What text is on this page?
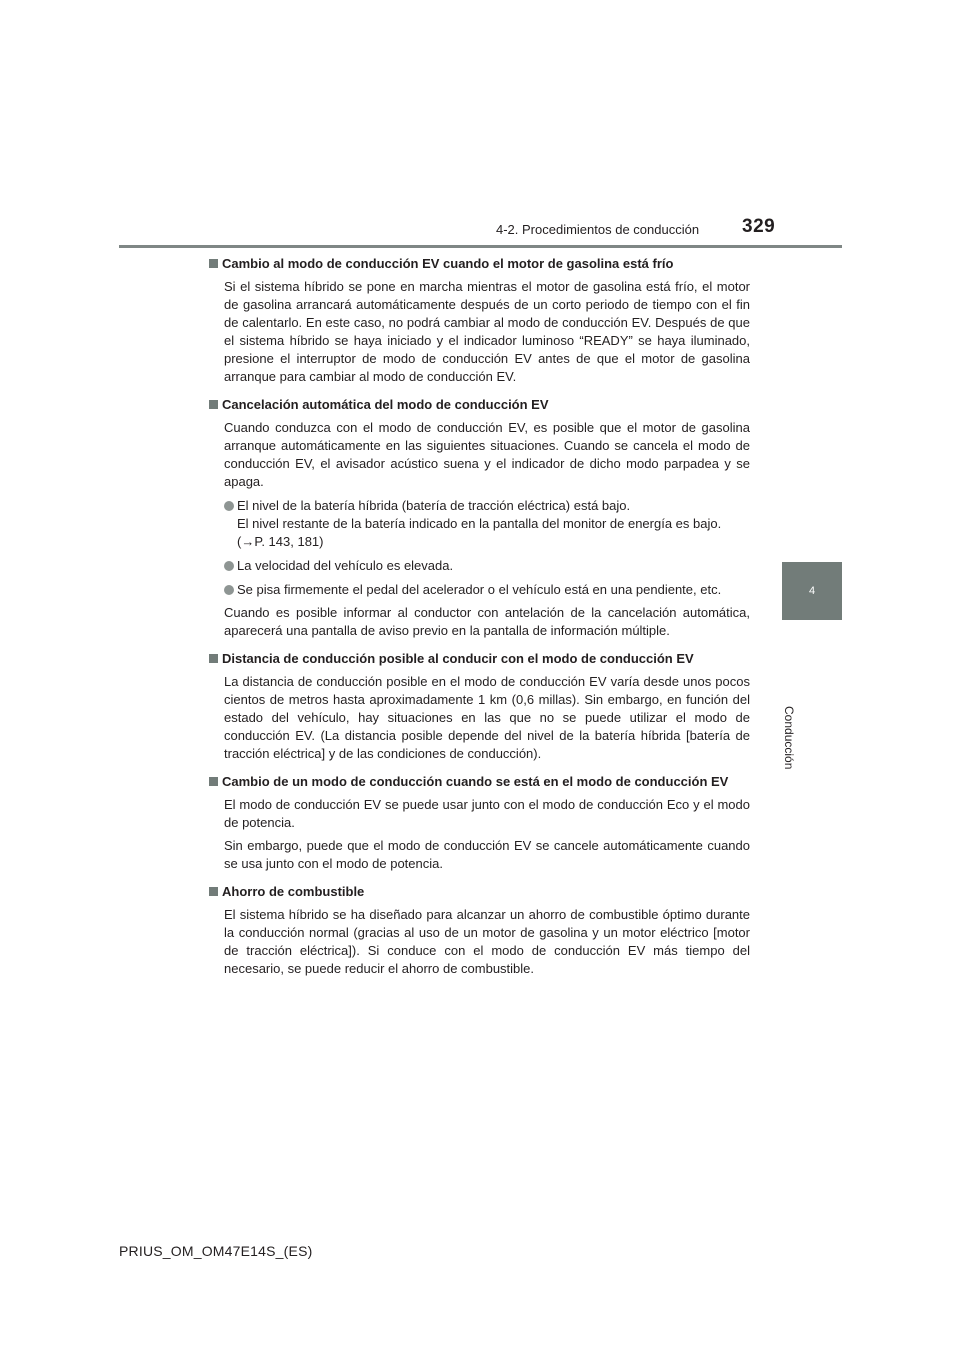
4-2. Procedimientos de conducción 329
4
Conducción
Cambio al modo de conducción EV cuando el motor de gasolina está frío

Si el sistema híbrido se pone en marcha mientras el motor de gasolina está frío, el motor de gasolina arrancará automáticamente después de un corto periodo de tiempo con el fin de calentarlo. En este caso, no podrá cambiar al modo de conducción EV. Después de que el sistema híbrido se haya iniciado y el indicador luminoso “READY” se haya iluminado, presione el interruptor de modo de conducción EV antes de que el motor de gasolina arranque para cambiar al modo de conducción EV.

Cancelación automática del modo de conducción EV

Cuando conduzca con el modo de conducción EV, es posible que el motor de gasolina arranque automáticamente en las siguientes situaciones. Cuando se cancela el modo de conducción EV, el avisador acústico suena y el indicador de dicho modo parpadea y se apaga.

El nivel de la batería híbrida (batería de tracción eléctrica) está bajo.
El nivel restante de la batería indicado en la pantalla del monitor de energía es bajo.
(→P. 143, 181)
La velocidad del vehículo es elevada.
Se pisa firmemente el pedal del acelerador o el vehículo está en una pendiente, etc.

Cuando es posible informar al conductor con antelación de la cancelación automática, aparecerá una pantalla de aviso previo en la pantalla de información múltiple.

Distancia de conducción posible al conducir con el modo de conducción EV

La distancia de conducción posible en el modo de conducción EV varía desde unos pocos cientos de metros hasta aproximadamente 1 km (0,6 millas). Sin embargo, en función del estado del vehículo, hay situaciones en las que no se puede utilizar el modo de conducción EV. (La distancia posible depende del nivel de la batería híbrida [batería de tracción eléctrica] y de las condiciones de conducción).

Cambio de un modo de conducción cuando se está en el modo de conducción EV

El modo de conducción EV se puede usar junto con el modo de conducción Eco y el modo de potencia.

Sin embargo, puede que el modo de conducción EV se cancele automáticamente cuando se usa junto con el modo de potencia.

Ahorro de combustible

El sistema híbrido se ha diseñado para alcanzar un ahorro de combustible óptimo durante la conducción normal (gracias al uso de un motor de gasolina y un motor eléctrico [motor de tracción eléctrica]). Si conduce con el modo de conducción EV más tiempo del necesario, se puede reducir el ahorro de combustible.

PRIUS_OM_OM47E14S_(ES)
